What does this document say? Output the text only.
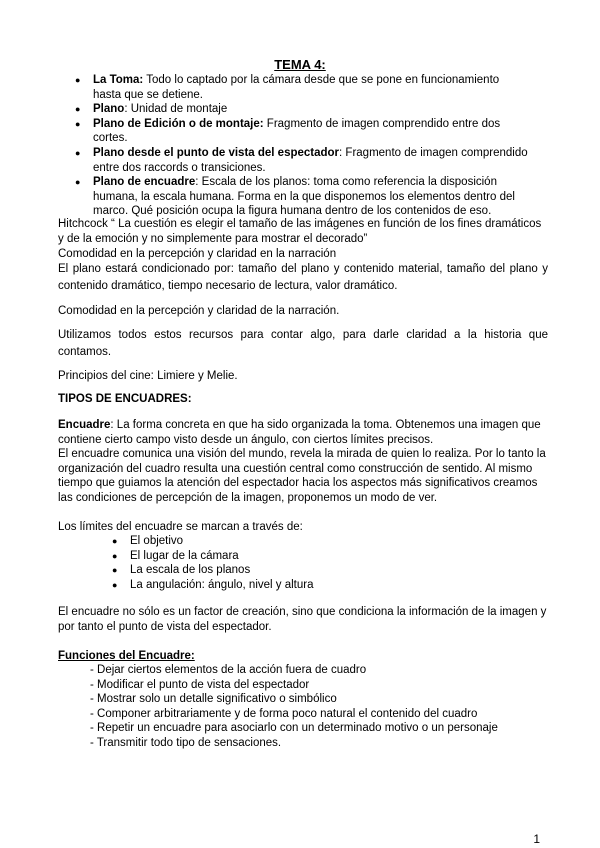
TEMA 4:
● La Toma: Todo lo captado por la cámara desde que se pone en funcionamiento hasta que se detiene.
● Plano: Unidad de montaje
● Plano de Edición o de montaje: Fragmento de imagen comprendido entre dos cortes.
● Plano desde el punto de vista del espectador: Fragmento de imagen comprendido entre dos raccords o transiciones.
● Plano de encuadre: Escala de los planos: toma como referencia la disposición humana, la escala humana. Forma en la que disponemos los elementos dentro del marco. Qué posición ocupa la figura humana dentro de los contenidos de eso.

Hitchcock “ La cuestión es elegir el tamaño de las imágenes en función de los fines dramáticos y de la emoción y no simplemente para mostrar el decorado”

Comodidad en la percepción y claridad en la narración

El plano estará condicionado por: tamaño del plano y contenido material, tamaño del plano y contenido dramático, tiempo necesario de lectura, valor dramático.

Comodidad en la percepción y claridad de la narración.

Utilizamos todos estos recursos para contar algo, para darle claridad a la historia que contamos.

Principios del cine: Limiere y Melie.

TIPOS DE ENCUADRES:

Encuadre: La forma concreta en que ha sido organizada la toma. Obtenemos una imagen que contiene cierto campo visto desde un ángulo, con ciertos límites precisos.

El encuadre comunica una visión del mundo, revela la mirada de quien lo realiza. Por lo tanto la organización del cuadro resulta una cuestión central como construcción de sentido. Al mismo tiempo que guiamos la atención del espectador hacia los aspectos más significativos creamos las condiciones de percepción de la imagen, proponemos un modo de ver.

Los límites del encuadre se marcan a través de:

● El objetivo
● El lugar de la cámara
● La escala de los planos
● La angulación: ángulo, nivel y altura

El encuadre no sólo es un factor de creación, sino que condiciona la información de la imagen y por tanto el punto de vista del espectador.

Funciones del Encuadre:

- Dejar ciertos elementos de la acción fuera de cuadro
- Modificar el punto de vista del espectador
- Mostrar solo un detalle significativo o simbólico
- Componer arbitrariamente y de forma poco natural el contenido del cuadro
- Repetir un encuadre para asociarlo con un determinado motivo o un personaje
- Transmitir todo tipo de sensaciones.
1
